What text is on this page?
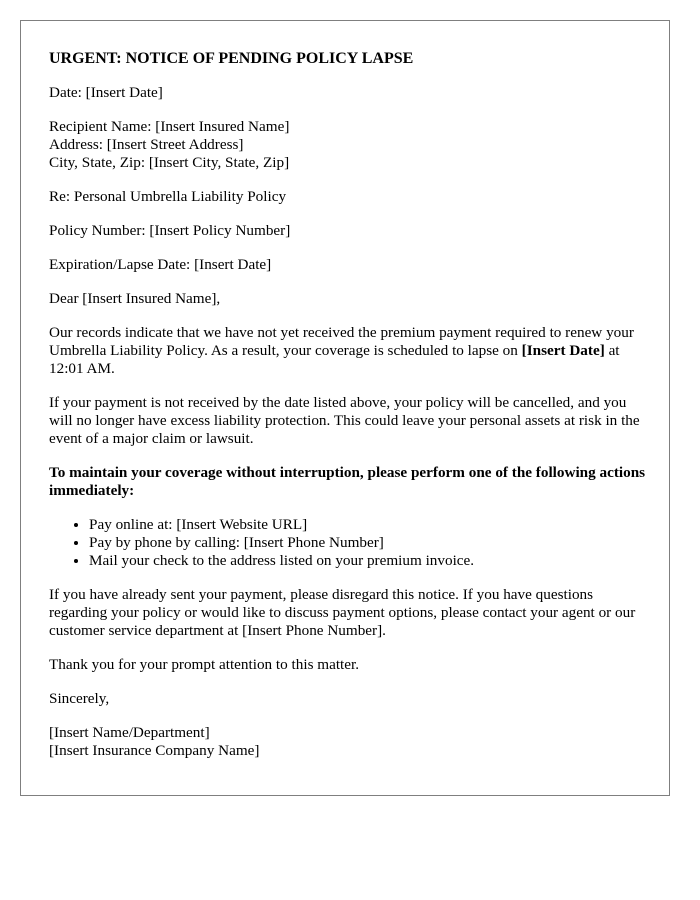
URGENT: NOTICE OF PENDING POLICY LAPSE

Date: [Insert Date]

Recipient Name: [Insert Insured Name]
Address: [Insert Street Address]
City, State, Zip: [Insert City, State, Zip]

Re: Personal Umbrella Liability Policy

Policy Number: [Insert Policy Number]

Expiration/Lapse Date: [Insert Date]

Dear [Insert Insured Name],

Our records indicate that we have not yet received the premium payment required to renew your Umbrella Liability Policy. As a result, your coverage is scheduled to lapse on [Insert Date] at 12:01 AM.

If your payment is not received by the date listed above, your policy will be cancelled, and you will no longer have excess liability protection. This could leave your personal assets at risk in the event of a major claim or lawsuit.

To maintain your coverage without interruption, please perform one of the following actions immediately:

• Pay online at: [Insert Website URL]
• Pay by phone by calling: [Insert Phone Number]
• Mail your check to the address listed on your premium invoice.

If you have already sent your payment, please disregard this notice. If you have questions regarding your policy or would like to discuss payment options, please contact your agent or our customer service department at [Insert Phone Number].

Thank you for your prompt attention to this matter.

Sincerely,

[Insert Name/Department]
[Insert Insurance Company Name]
